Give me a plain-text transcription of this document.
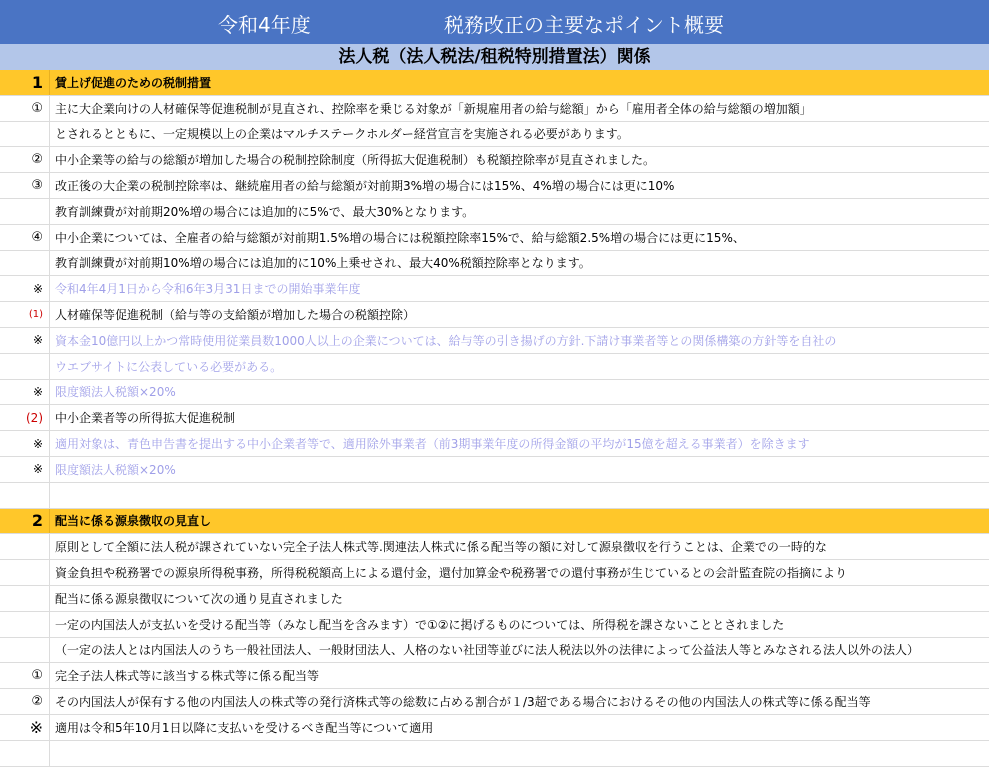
令和4年度	税務改正の主要なポイント概要
法人税（法人税法/租税特別措置法）関係
1	賃上げ促進のための税制措置
①	主に大企業向けの人材確保等促進税制が見直され、控除率を乗じる対象が「新規雇用者の給与総額」から「雇用者全体の給与総額の増加額」
とされるとともに、一定規模以上の企業はマルチステークホルダー経営宣言を実施される必要があります。
②	中小企業等の給与の総額が増加した場合の税制控除制度（所得拡大促進税制）も税額控除率が見直されました。
③	改正後の大企業の税制控除率は、継続雇用者の給与総額が対前期3%増の場合には15%、4%増の場合には更に10%
教育訓練費が対前期20%増の場合には追加的に5%で、最大30%となります。
④	中小企業については、全雇者の給与総額が対前期1.5%増の場合には税額控除率15%で、給与総額2.5%増の場合には更に15%、
教育訓練費が対前期10%増の場合には追加的に10%上乗せされ、最大40%税額控除率となります。
※	令和4年4月1日から令和6年3月31日までの開始事業年度
(1)	人材確保等促進税制（給与等の支給額が増加した場合の税額控除）
※	資本金10億円以上かつ常時使用従業員数1000人以上の企業については、給与等の引き揚げの方針.下請け事業者等との関係構築の方針等を自社の
ウエブサイトに公表している必要がある。
※	限度額法人税額×20%
(2)	中小企業者等の所得拡大促進税制
※	適用対象は、青色申告書を提出する中小企業者等で、適用除外事業者（前3期事業年度の所得金額の平均が15億を超える事業者）を除きます
※	限度額法人税額×20%
2	配当に係る源泉徴収の見直し
原則として全額に法人税が課されていない完全子法人株式等.関連法人株式に係る配当等の額に対して源泉徴収を行うことは、企業での一時的な
資金負担や税務署での源泉所得税事務，所得税税額高上による還付金，還付加算金や税務署での還付事務が生じているとの会計監査院の指摘により
配当に係る源泉徴収について次の通り見直されました
一定の内国法人が支払いを受ける配当等（みなし配当を含みます）で①②に掲げるものについては、所得税を課さないこととされました
（一定の法人とは内国法人のうち一般社団法人、一般財団法人、人格のない社団等並びに法人税法以外の法律によって公益法人等とみなされる法人以外の法人）
①	完全子法人株式等に該当する株式等に係る配当等
②	その内国法人が保有する他の内国法人の株式等の発行済株式等の総数に占める割合が１/3超である場合におけるその他の内国法人の株式等に係る配当等
※	適用は令和5年10月1日以降に支払いを受けるべき配当等について適用
